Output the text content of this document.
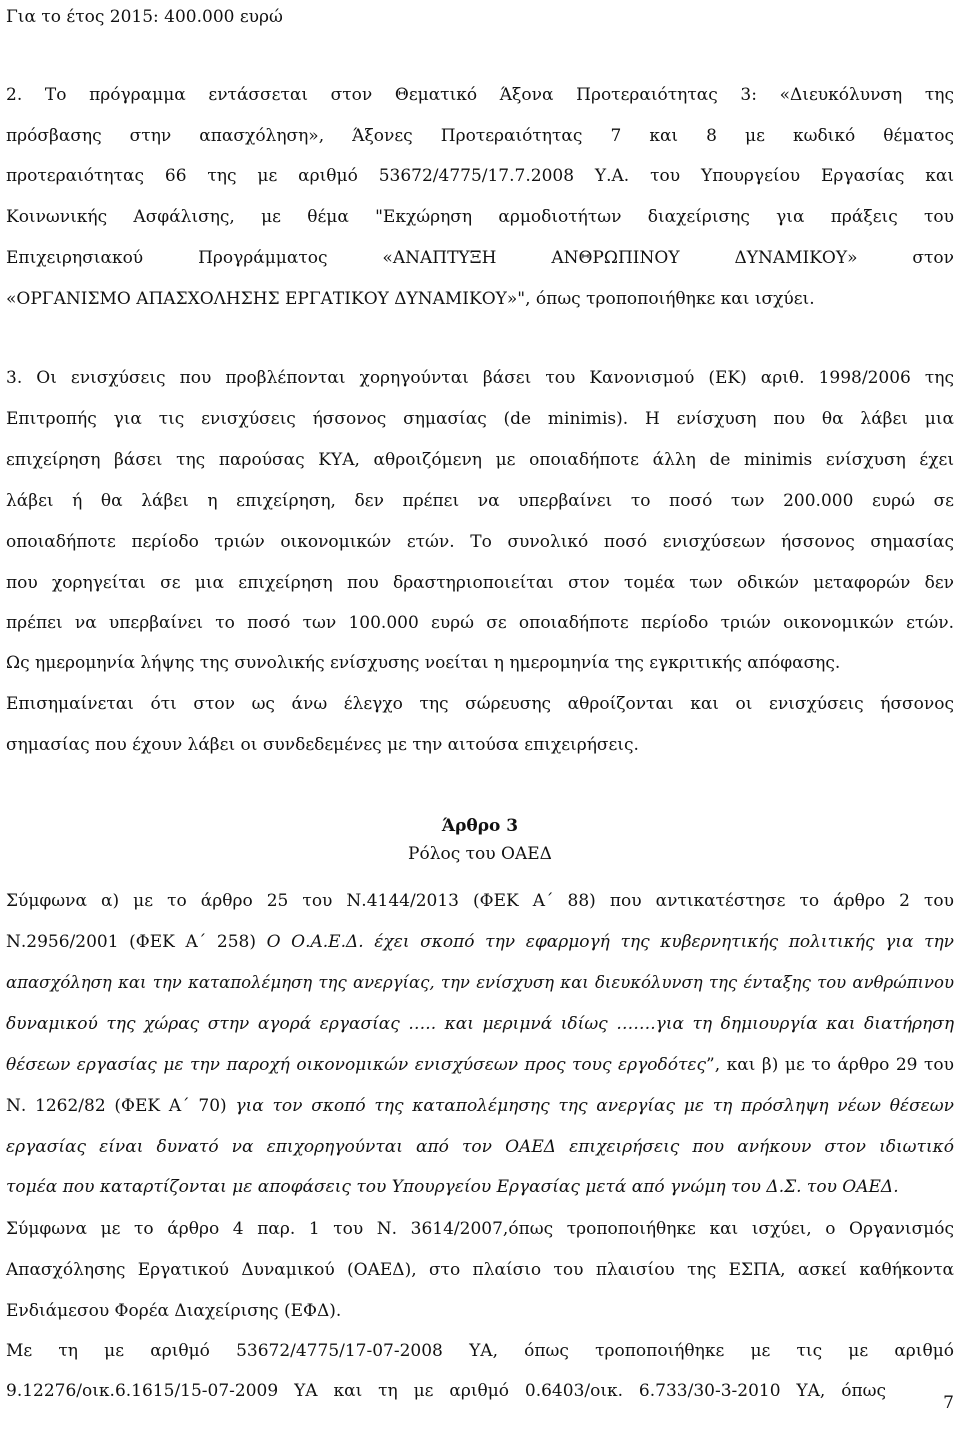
Για το έτος 2015: 400.000 ευρώ
2. Το πρόγραμμα εντάσσεται στον Θεματικό Άξονα Προτεραιότητας 3: «Διευκόλυνση της
πρόσβασης στην απασχόληση», Άξονες Προτεραιότητας 7 και 8 με κωδικό θέματος
προτεραιότητας 66 της με αριθμό 53672/4775/17.7.2008 Υ.Α. του Υπουργείου Εργασίας και
Κοινωνικής Ασφάλισης, με θέμα "Εκχώρηση αρμοδιοτήτων διαχείρισης για πράξεις του
Επιχειρησιακού Προγράμματος «ΑΝΑΠΤΥΞΗ ΑΝΘΡΩΠΙΝΟΥ ΔΥΝΑΜΙΚΟΥ» στον
«ΟΡΓΑΝΙΣΜΟ ΑΠΑΣΧΟΛΗΣΗΣ ΕΡΓΑΤΙΚΟΥ ΔΥΝΑΜΙΚΟΥ»", όπως τροποποιήθηκε και ισχύει.
3. Οι ενισχύσεις που προβλέπονται χορηγούνται βάσει του Κανονισμού (ΕΚ) αριθ. 1998/2006 της
Επιτροπής για τις ενισχύσεις ήσσονος σημασίας (de minimis). Η ενίσχυση που θα λάβει μια
επιχείρηση βάσει της παρούσας ΚΥΑ, αθροιζόμενη με οποιαδήποτε άλλη de minimis ενίσχυση έχει
λάβει ή θα λάβει η επιχείρηση, δεν πρέπει να υπερβαίνει το ποσό των 200.000 ευρώ σε
οποιαδήποτε περίοδο τριών οικονομικών ετών. Το συνολικό ποσό ενισχύσεων ήσσονος σημασίας
που χορηγείται σε μια επιχείρηση που δραστηριοποιείται στον τομέα των οδικών μεταφορών δεν
πρέπει να υπερβαίνει το ποσό των 100.000 ευρώ σε οποιαδήποτε περίοδο τριών οικονομικών ετών.
Ως ημερομηνία λήψης της συνολικής ενίσχυσης νοείται η ημερομηνία της εγκριτικής απόφασης.
Επισημαίνεται ότι στον ως άνω έλεγχο της σώρευσης αθροίζονται και οι ενισχύσεις ήσσονος
σημασίας που έχουν λάβει οι συνδεδεμένες με την αιτούσα επιχειρήσεις.
Άρθρο 3
Ρόλος του ΟΑΕΔ
Σύμφωνα α) με το άρθρο 25 του Ν.4144/2013 (ΦΕΚ Α΄ 88) που αντικατέστησε το άρθρο 2 του
Ν.2956/2001 (ΦΕΚ Α΄ 258) Ο Ο.Α.Ε.Δ. έχει σκοπό την εφαρμογή της κυβερνητικής πολιτικής για την
απασχόληση και την καταπολέμηση της ανεργίας, την ενίσχυση και διευκόλυνση της ένταξης του ανθρώπινου
δυναμικού της χώρας στην αγορά εργασίας ….. και μεριμνά ιδίως …….για τη δημιουργία και διατήρηση
θέσεων εργασίας με την παροχή οικονομικών ενισχύσεων προς τους εργοδότες”, και β) με το άρθρο 29 του
Ν. 1262/82 (ΦΕΚ Α΄ 70) για τον σκοπό της καταπολέμησης της ανεργίας με τη πρόσληψη νέων θέσεων
εργασίας είναι δυνατό να επιχορηγούνται από τον ΟΑΕΔ επιχειρήσεις που ανήκουν στον ιδιωτικό
τομέα που καταρτίζονται με αποφάσεις του Υπουργείου Εργασίας μετά από γνώμη του Δ.Σ. του ΟΑΕΔ.
Σύμφωνα με το άρθρο 4 παρ. 1 του Ν. 3614/2007,όπως τροποποιήθηκε και ισχύει, ο Οργανισμός
Απασχόλησης Εργατικού Δυναμικού (ΟΑΕΔ), στο πλαίσιο του πλαισίου της ΕΣΠΑ, ασκεί καθήκοντα
Ενδιάμεσου Φορέα Διαχείρισης (ΕΦΔ).
Με τη με αριθμό 53672/4775/17-07-2008 ΥΑ, όπως τροποποιήθηκε με τις με αριθμό
9.12276/οικ.6.1615/15-07-2009 ΥΑ και τη με αριθμό 0.6403/οικ. 6.733/30-3-2010 ΥΑ, όπως
7
